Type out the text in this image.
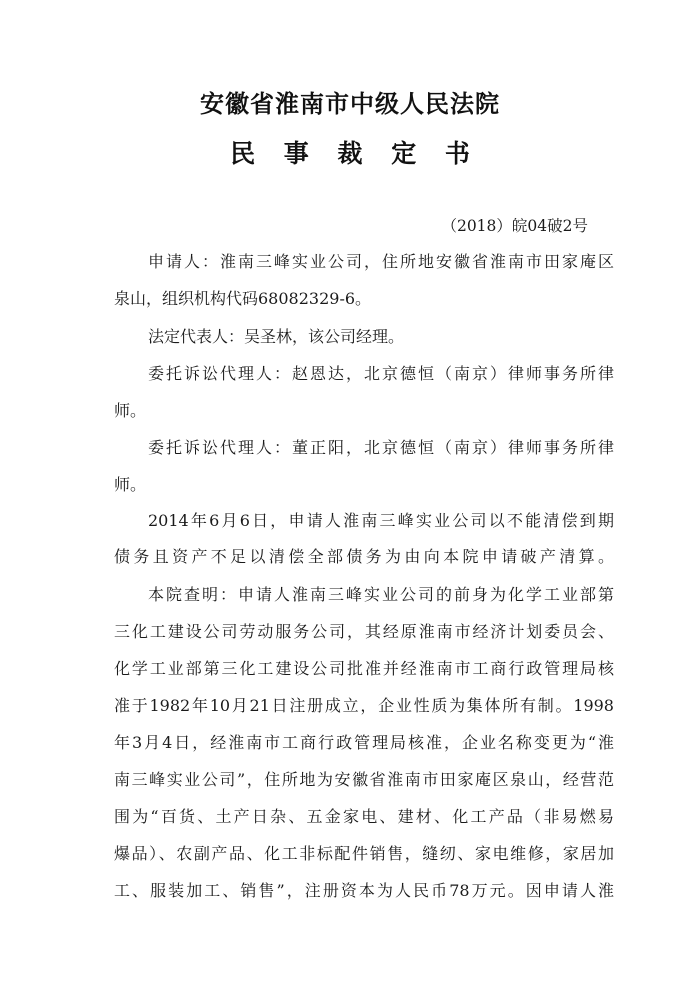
安徽省淮南市中级人民法院
民 事 裁 定 书
（2018）皖04破2号
申请人：淮南三峰实业公司，住所地安徽省淮南市田家庵区
泉山，组织机构代码68082329-6。
法定代表人：吴圣林，该公司经理。
委托诉讼代理人：赵恩达，北京德恒（南京）律师事务所律
师。
委托诉讼代理人：董正阳，北京德恒（南京）律师事务所律
师。
2014年6月6日，申请人淮南三峰实业公司以不能清偿到期
债务且资产不足以清偿全部债务为由向本院申请破产清算。
本院查明：申请人淮南三峰实业公司的前身为化学工业部第
三化工建设公司劳动服务公司，其经原淮南市经济计划委员会、
化学工业部第三化工建设公司批准并经淮南市工商行政管理局核
准于1982年10月21日注册成立，企业性质为集体所有制。1998
年3月4日，经淮南市工商行政管理局核准，企业名称变更为“淮
南三峰实业公司”，住所地为安徽省淮南市田家庵区泉山，经营范
围为“百货、土产日杂、五金家电、建材、化工产品（非易燃易
爆品）、农副产品、化工非标配件销售，缝纫、家电维修，家居加
工、服装加工、销售”，注册资本为人民币78万元。因申请人淮
